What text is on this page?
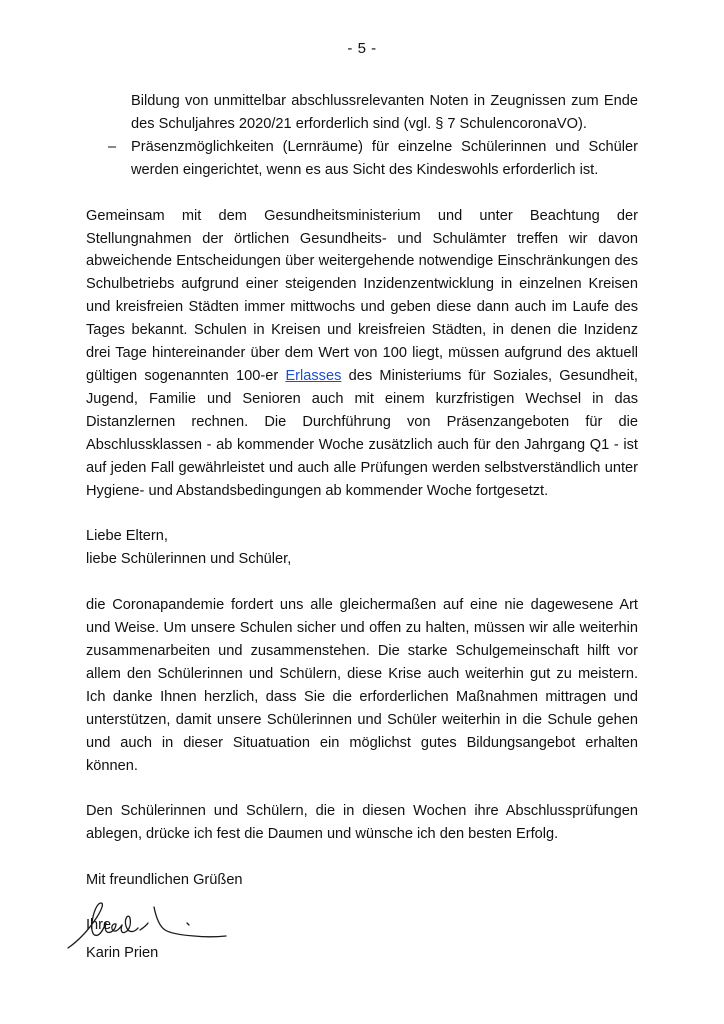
- 5 -
Bildung von unmittelbar abschlussrelevanten Noten in Zeugnissen zum Ende des Schuljahres 2020/21 erforderlich sind (vgl. § 7 SchulencoronaVO).
– Präsenzmöglichkeiten (Lernräume) für einzelne Schülerinnen und Schüler werden eingerichtet, wenn es aus Sicht des Kindeswohls erforderlich ist.

Gemeinsam mit dem Gesundheitsministerium und unter Beachtung der Stellungnahmen der örtlichen Gesundheits- und Schulämter treffen wir davon abweichende Entscheidungen über weitergehende notwendige Einschränkungen des Schulbetriebs aufgrund einer steigenden Inzidenzentwicklung in einzelnen Kreisen und kreisfreien Städten immer mittwochs und geben diese dann auch im Laufe des Tages bekannt. Schulen in Kreisen und kreisfreien Städten, in denen die Inzidenz drei Tage hintereinander über dem Wert von 100 liegt, müssen aufgrund des aktuell gültigen sogenannten 100-er Erlasses des Ministeriums für Soziales, Gesundheit, Jugend, Familie und Senioren auch mit einem kurzfristigen Wechsel in das Distanzlernen rechnen. Die Durchführung von Präsenzangeboten für die Abschlussklassen - ab kommender Woche zusätzlich auch für den Jahrgang Q1 - ist auf jeden Fall gewährleistet und auch alle Prüfungen werden selbstverständlich unter Hygiene- und Abstandsbedingungen ab kommender Woche fortgesetzt.

Liebe Eltern,
liebe Schülerinnen und Schüler,

die Coronapandemie fordert uns alle gleichermaßen auf eine nie dagewesene Art und Weise. Um unsere Schulen sicher und offen zu halten, müssen wir alle weiterhin zusammenarbeiten und zusammenstehen. Die starke Schulgemeinschaft hilft vor allem den Schülerinnen und Schülern, diese Krise auch weiterhin gut zu meistern. Ich danke Ihnen herzlich, dass Sie die erforderlichen Maßnahmen mittragen und unterstützen, damit unsere Schülerinnen und Schüler weiterhin in die Schule gehen und auch in dieser Situatuation ein möglichst gutes Bildungsangebot erhalten können.

Den Schülerinnen und Schülern, die in diesen Wochen ihre Abschlussprüfungen ablegen, drücke ich fest die Daumen und wünsche ich den besten Erfolg.

Mit freundlichen Grüßen
Ihre
Karin Prien
